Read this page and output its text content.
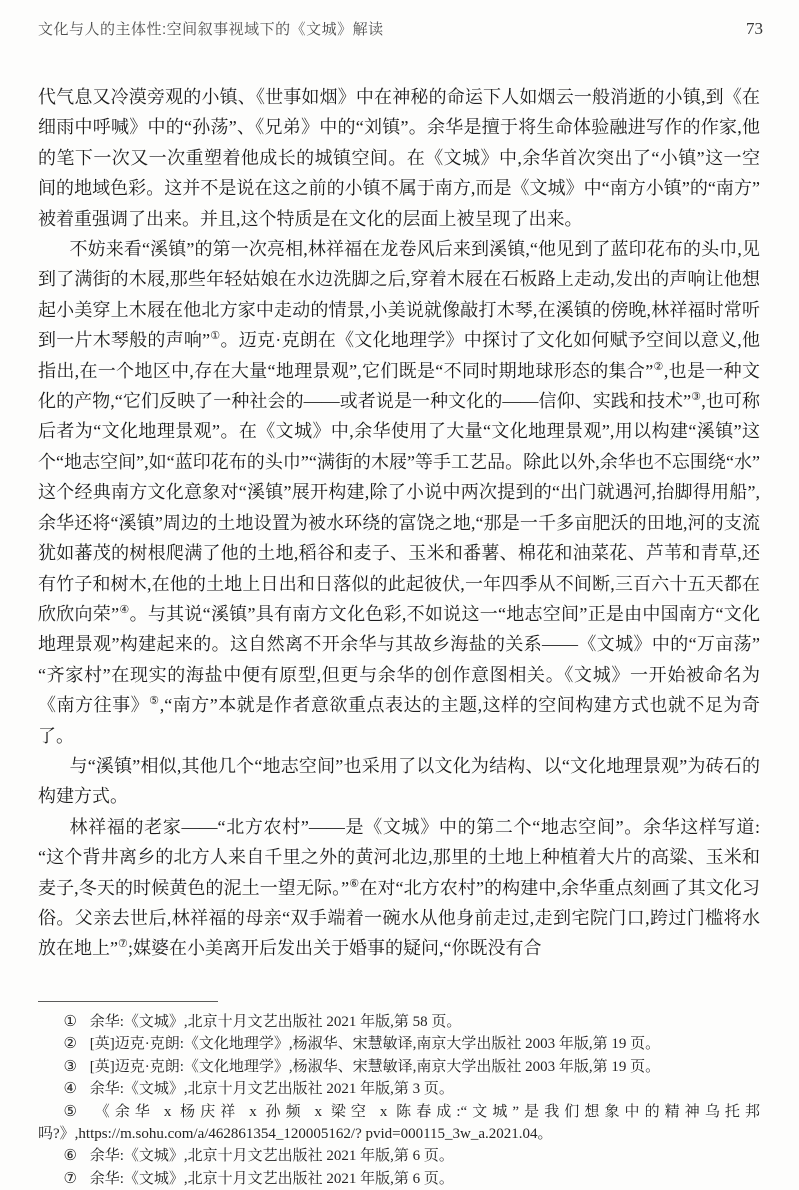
文化与人的主体性:空间叙事视域下的《文城》解读	73

代气息又冷漠旁观的小镇、《世事如烟》中在神秘的命运下人如烟云一般消逝的小镇,到《在细雨中呼喊》中的“孙荡”、《兄弟》中的“刘镇”。余华是擅于将生命体验融进写作的作家,他的笔下一次又一次重塑着他成长的城镇空间。在《文城》中,余华首次突出了“小镇”这一空间的地域色彩。这并不是说在这之前的小镇不属于南方,而是《文城》中“南方小镇”的“南方”被着重强调了出来。并且,这个特质是在文化的层面上被呈现了出来。

不妨来看“溪镇”的第一次亮相,林祥福在龙卷风后来到溪镇,“他见到了蓝印花布的头巾,见到了满街的木屐,那些年轻姑娘在水边洗脚之后,穿着木屐在石板路上走动,发出的声响让他想起小美穿上木屐在他北方家中走动的情景,小美说就像敲打木琴,在溪镇的傍晚,林祥福时常听到一片木琴般的声响”①。迈克·克朗在《文化地理学》中探讨了文化如何赋予空间以意义,他指出,在一个地区中,存在大量“地理景观”,它们既是“不同时期地球形态的集合”②,也是一种文化的产物,“它们反映了一种社会的——或者说是一种文化的——信仰、实践和技术”③,也可称后者为“文化地理景观”。在《文城》中,余华使用了大量“文化地理景观”,用以构建“溪镇”这个“地志空间”,如“蓝印花布的头巾”“满街的木屐”等手工艺品。除此以外,余华也不忘围绕“水”这个经典南方文化意象对“溪镇”展开构建,除了小说中两次提到的“出门就遇河,抬脚得用船”,余华还将“溪镇”周边的土地设置为被水环绕的富饶之地,“那是一千多亩肥沃的田地,河的支流犹如蕃茂的树根爬满了他的土地,稻谷和麦子、玉米和番薯、棉花和油菜花、芦苇和青草,还有竹子和树木,在他的土地上日出和日落似的此起彼伏,一年四季从不间断,三百六十五天都在欣欣向荣”④。与其说“溪镇”具有南方文化色彩,不如说这一“地志空间”正是由中国南方“文化地理景观”构建起来的。这自然离不开余华与其故乡海盐的关系——《文城》中的“万亩荡”“齐家村”在现实的海盐中便有原型,但更与余华的创作意图相关。《文城》一开始被命名为《南方往事》⑤,“南方”本就是作者意欲重点表达的主题,这样的空间构建方式也就不足为奇了。

与“溪镇”相似,其他几个“地志空间”也采用了以文化为结构、以“文化地理景观”为砖石的构建方式。

林祥福的老家——“北方农村”——是《文城》中的第二个“地志空间”。余华这样写道:“这个背井离乡的北方人来自千里之外的黄河北边,那里的土地上种植着大片的高粱、玉米和麦子,冬天的时候黄色的泥土一望无际。”⑥在对“北方农村”的构建中,余华重点刻画了其文化习俗。父亲去世后,林祥福的母亲“双手端着一碗水从他身前走过,走到宅院门口,跨过门槛将水放在地上”⑦;媒婆在小美离开后发出关于婚事的疑问,“你既没有合

① 余华:《文城》,北京十月文艺出版社 2021 年版,第 58 页。

② [英]迈克·克朗:《文化地理学》,杨淑华、宋慧敏译,南京大学出版社 2003 年版,第 19 页。

③ [英]迈克·克朗:《文化地理学》,杨淑华、宋慧敏译,南京大学出版社 2003 年版,第 19 页。

④ 余华:《文城》,北京十月文艺出版社 2021 年版,第 3 页。

⑤ 《余华 x 杨庆祥 x 孙频 x 梁空 x 陈春成:“文城”是我们想象中的精神乌托邦吗?》,https://m.sohu.com/a/462861354_120005162/? pvid=000115_3w_a.2021.04。

⑥ 余华:《文城》,北京十月文艺出版社 2021 年版,第 6 页。

⑦ 余华:《文城》,北京十月文艺出版社 2021 年版,第 6 页。
